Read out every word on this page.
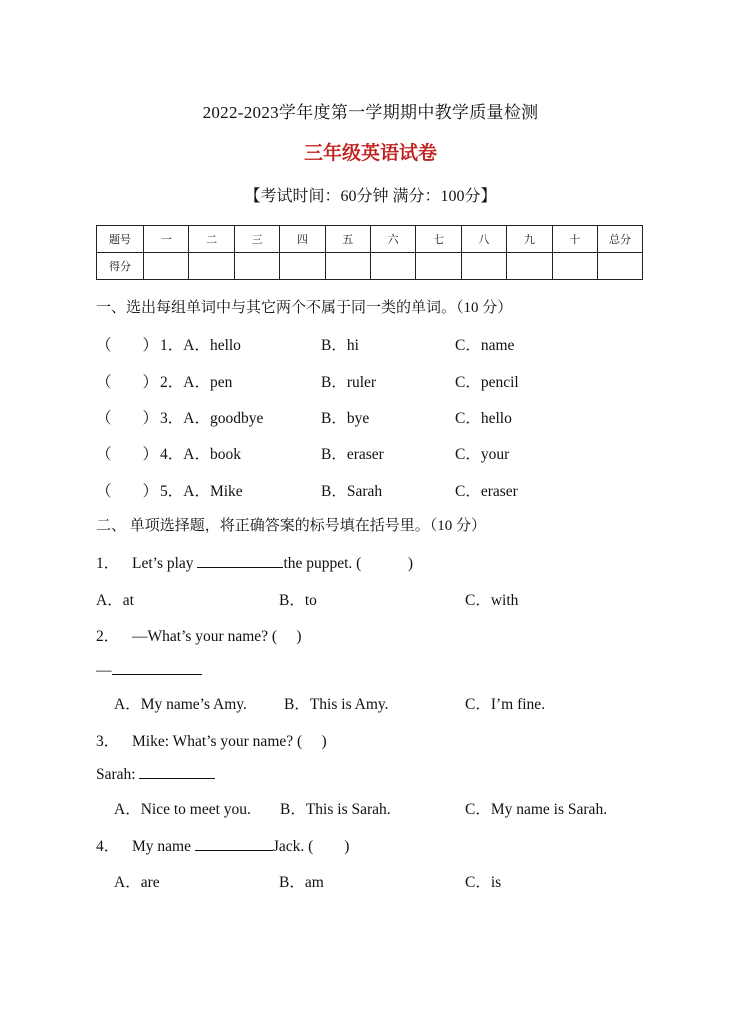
2022-2023学年度第一学期期中教学质量检测
三年级英语试卷
【考试时间：60分钟 满分：100分】
题号	一	二	三	四	五	六	七	八	九	十	总分
得分											
一、选出每组单词中与其它两个不属于同一类的单词。（10 分）
（　　） 1．A．hello	B．hi	C．name
（　　） 2．A．pen	B．ruler	C．pencil
（　　） 3．A．goodbye	B．bye	C．hello
（　　） 4．A．book	B．eraser	C．your
（　　） 5．A．Mike	B．Sarah	C．eraser
二、 单项选择题，将正确答案的标号填在括号里。（10 分）
1． Let’s play	the puppet. (　　　)
A．at	B．to	C．with
2． —What’s your name? (　 )
—
A．My name’s Amy. B．This is Amy.	C．I’m fine.
3． Mike: What’s your name? (　 )
Sarah:
A．Nice to meet you. B．This is Sarah.	C．My name is Sarah.
4． My name	Jack. (　　)
A．are	B．am	C．is
